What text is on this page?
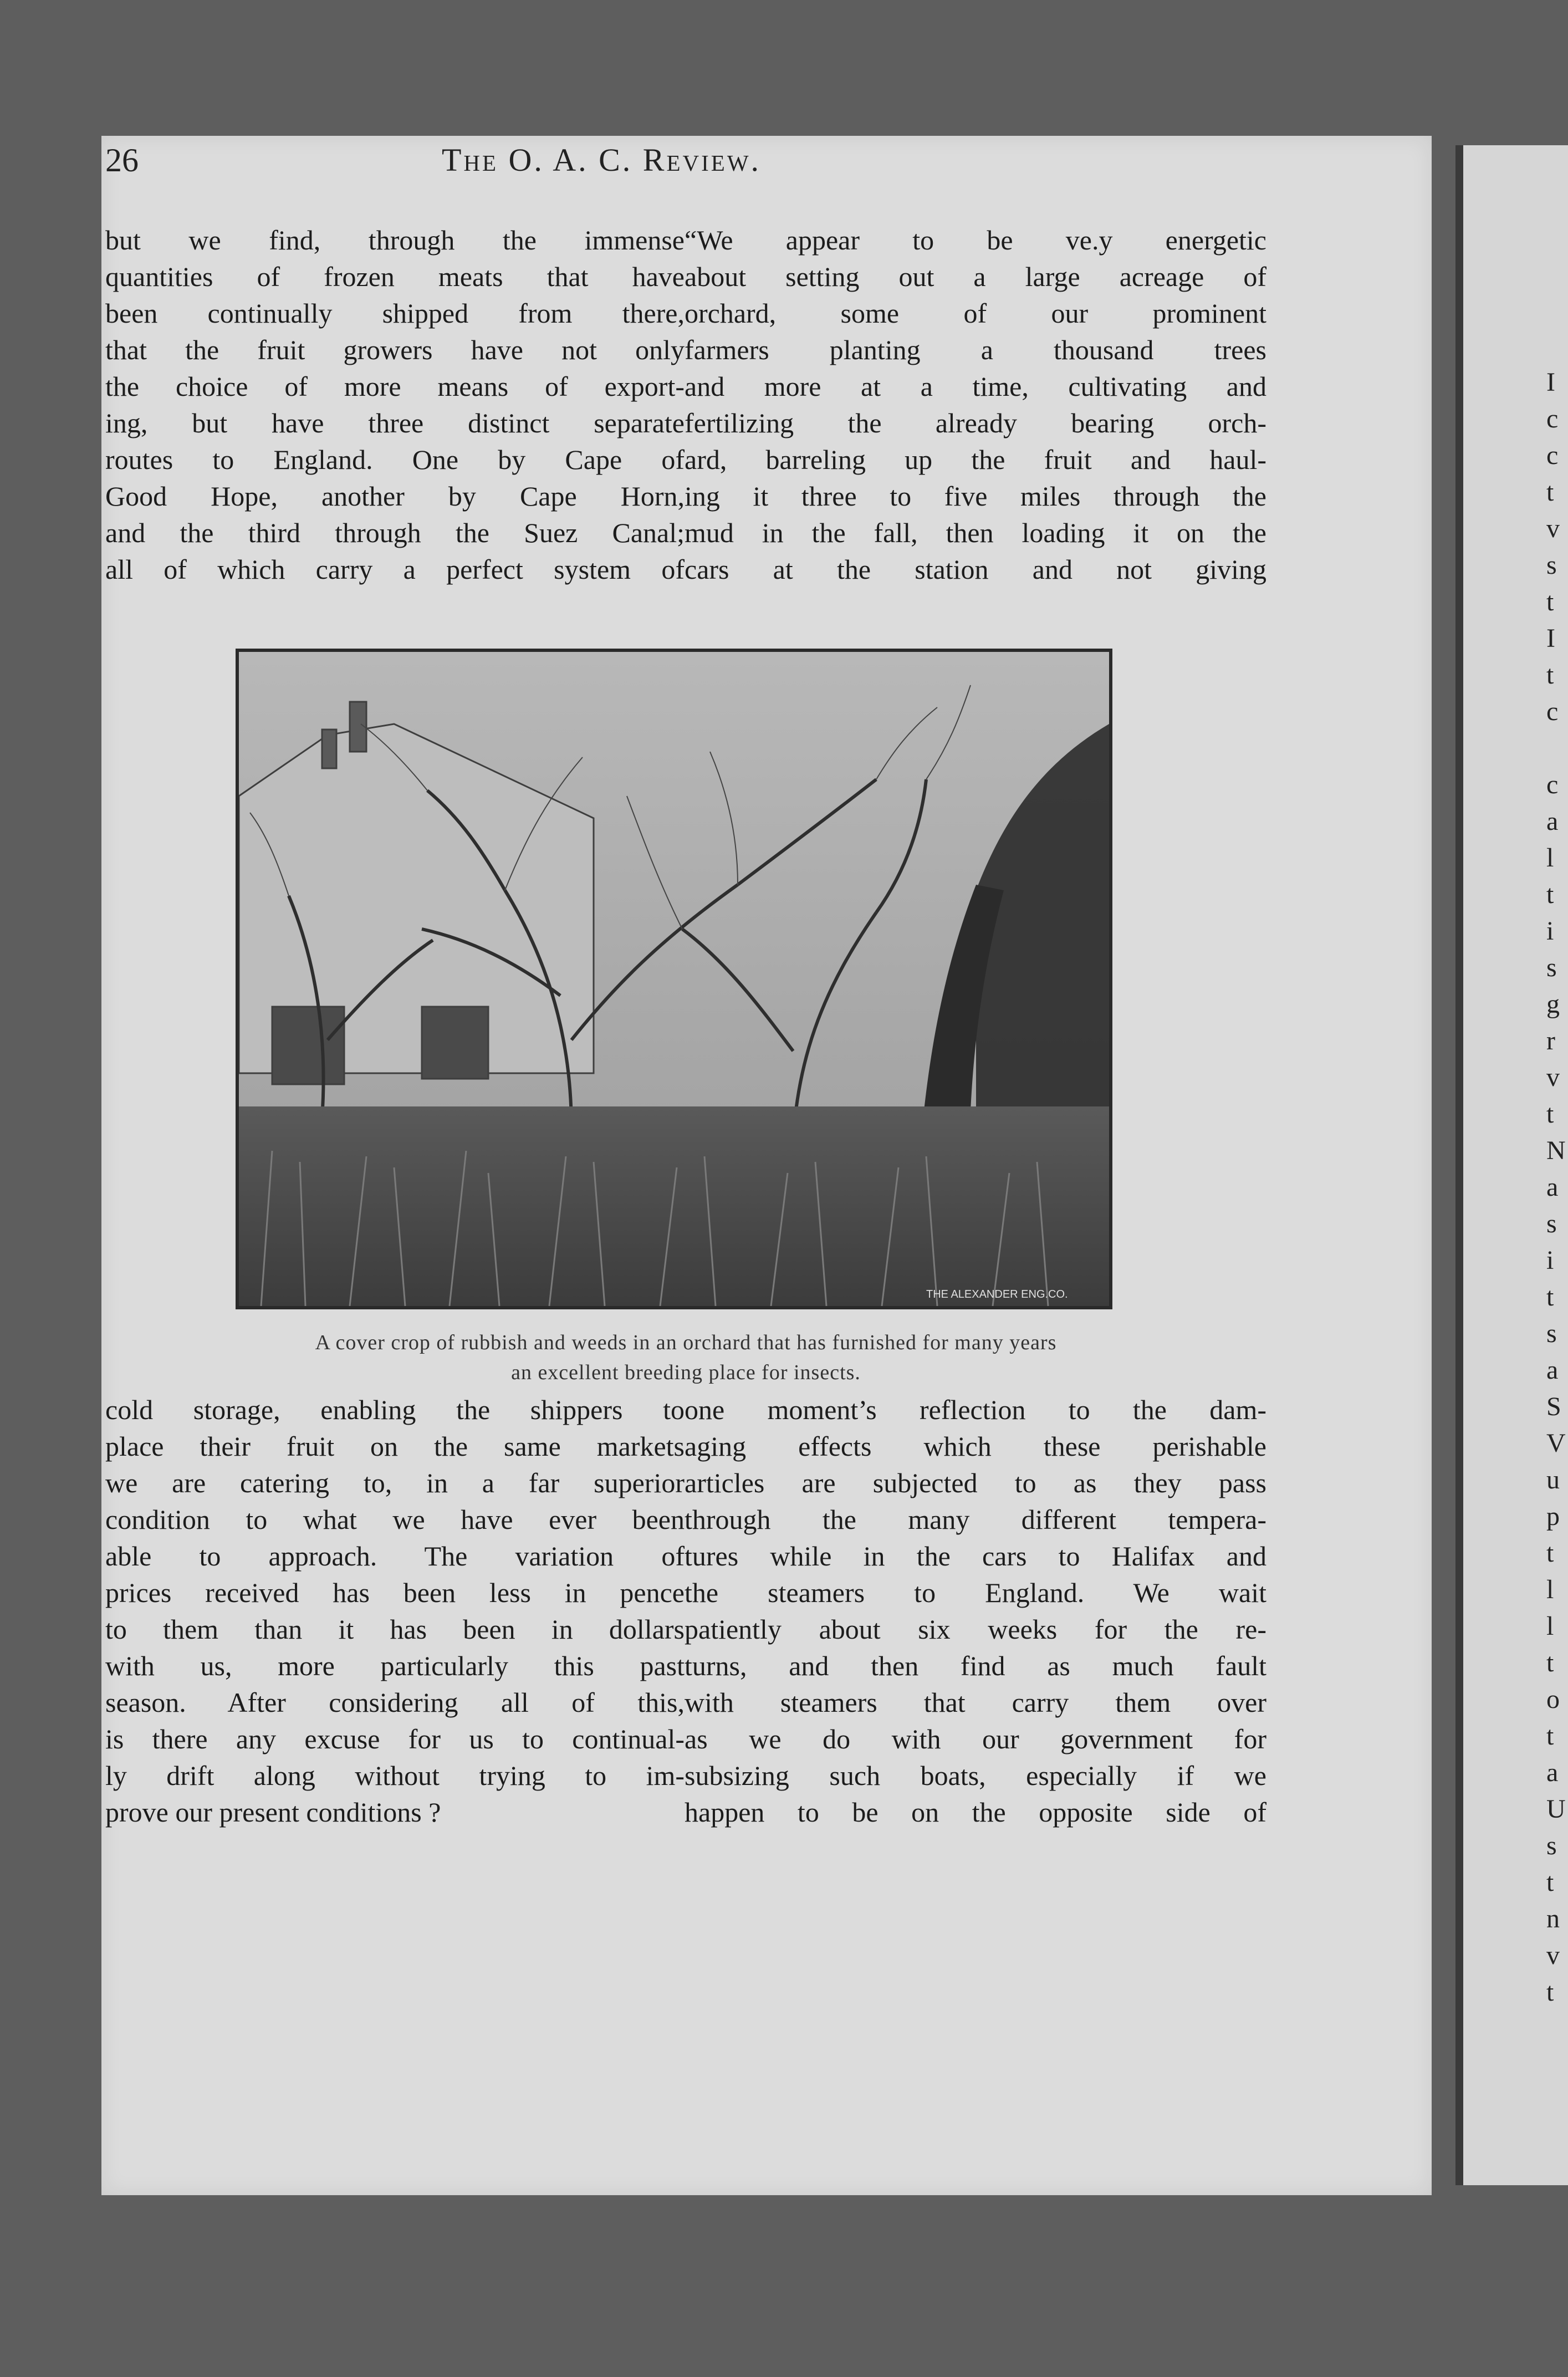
I
c
c
t
v
s
t
I
t
c
c
a
l
t
i
s
g
r
v
t
N
a
s
i
t
s
a
S
V
u
p
t
l
l
t
o
t
a
U
s
t
n
v
t
26	The O. A. C. Review.
but we find, through the immense
quantities of frozen meats that have
been continually shipped from there,
that the fruit growers have not only
the choice of more means of export-
ing, but have three distinct separate
routes to England. One by Cape of
Good Hope, another by Cape Horn,
and the third through the Suez Canal;
all of which carry a perfect system of
“We appear to be ve.y energetic
about setting out a large acreage of
orchard, some of our prominent
farmers planting a thousand trees
and more at a time, cultivating and
fertilizing the already bearing orch-
ard, barreling up the fruit and haul-
ing it three to five miles through the
mud in the fall, then loading it on the
cars at the station and not giving
THE ALEXANDER ENG.CO.
A cover crop of rubbish and weeds in an orchard that has furnished for many years
an excellent breeding place for insects.
cold storage, enabling the shippers to
place their fruit on the same markets
we are catering to, in a far superior
condition to what we have ever been
able to approach. The variation of
prices received has been less in pence
to them than it has been in dollars
with us, more particularly this past
season. After considering all of this,
is there any excuse for us to continual-
ly drift along without trying to im-
prove our present conditions ?
one moment’s reflection to the dam-
aging effects which these perishable
articles are subjected to as they pass
through the many different tempera-
tures while in the cars to Halifax and
the steamers to England. We wait
patiently about six weeks for the re-
turns, and then find as much fault
with steamers that carry them over
as we do with our government for
subsizing such boats, especially if we
happen to be on the opposite side of
